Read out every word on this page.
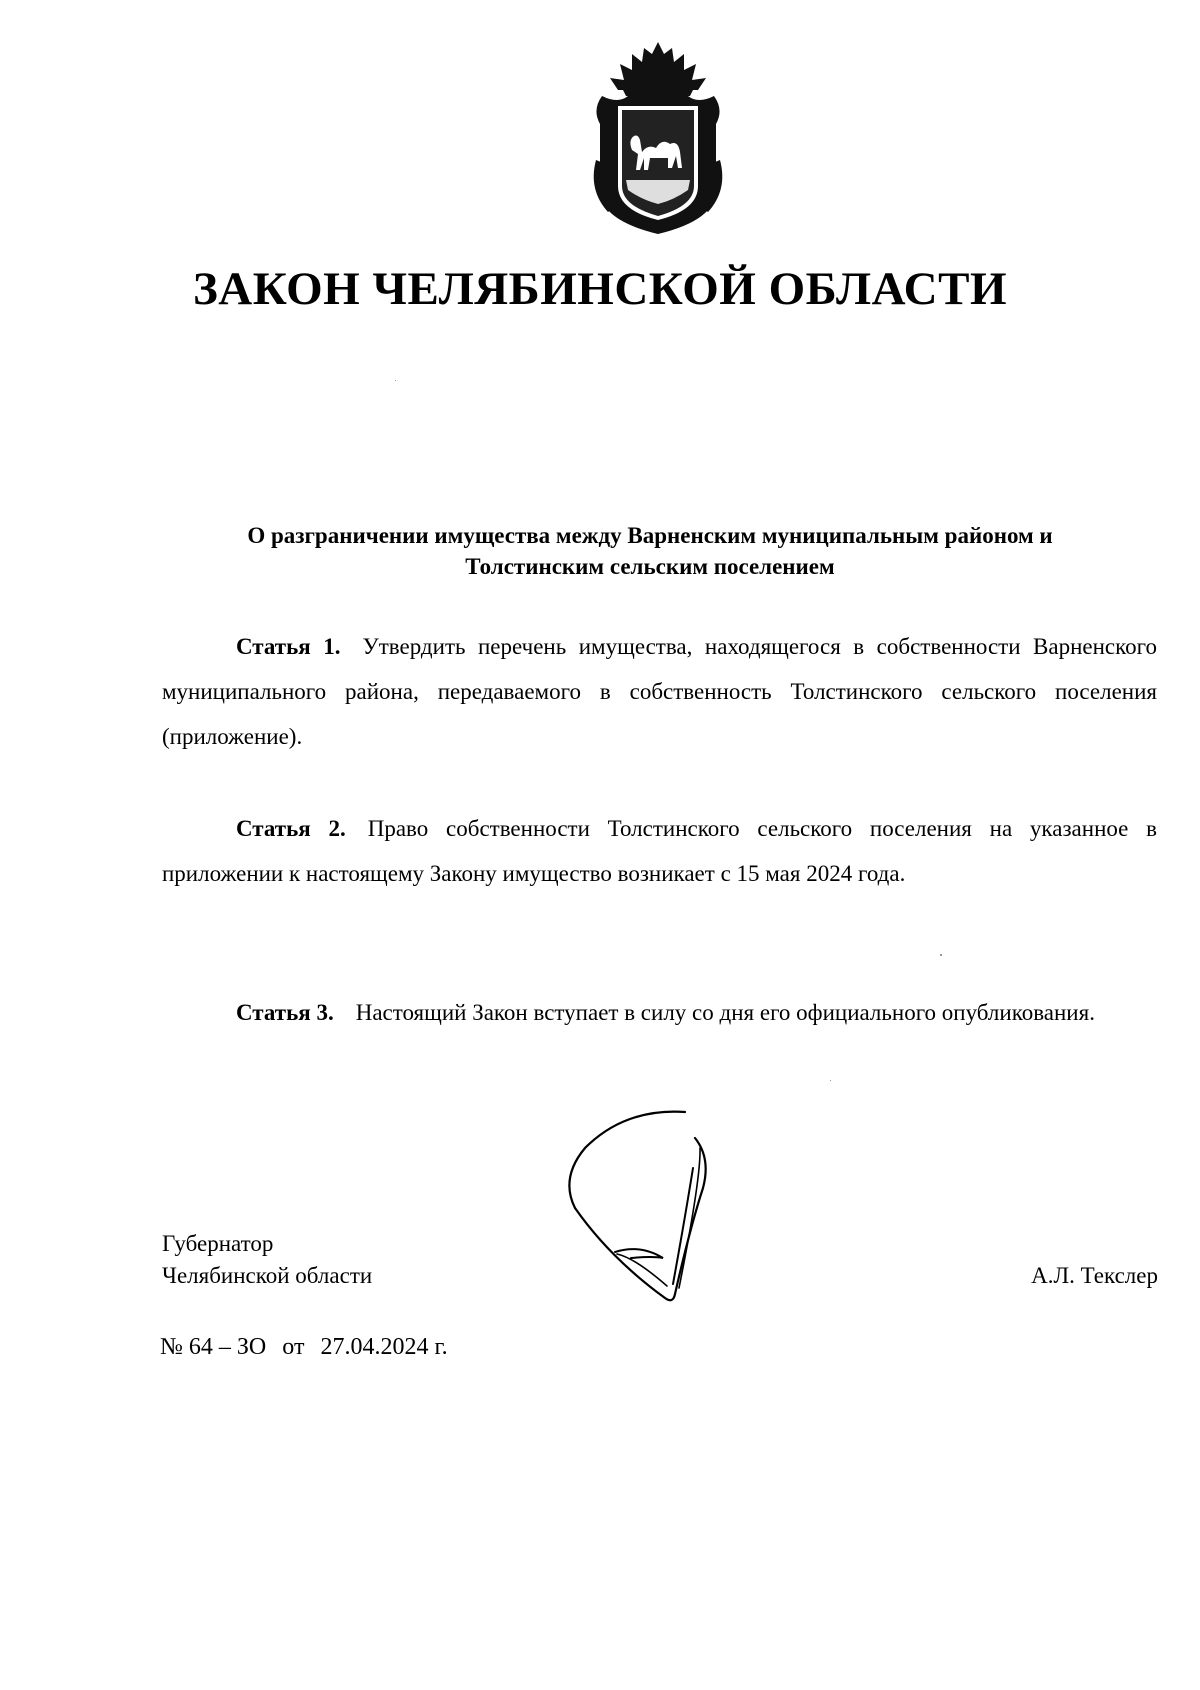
ЗАКОН ЧЕЛЯБИНСКОЙ ОБЛАСТИ
О разграничении имущества между Варненским муниципальным районом и
Толстинским сельским поселением

Статья 1. Утвердить перечень имущества, находящегося в собственности Варненского муниципального района, передаваемого в собственность Толстинского сельского поселения (приложение).

Статья 2. Право собственности Толстинского сельского поселения на указанное в приложении к настоящему Закону имущество возникает с 15 мая 2024 года.

Статья 3. Настоящий Закон вступает в силу со дня его официального опубликования.

Губернатор
Челябинской области	А.Л. Текслер
№ 64 – ЗО от 27.04.2024 г.
